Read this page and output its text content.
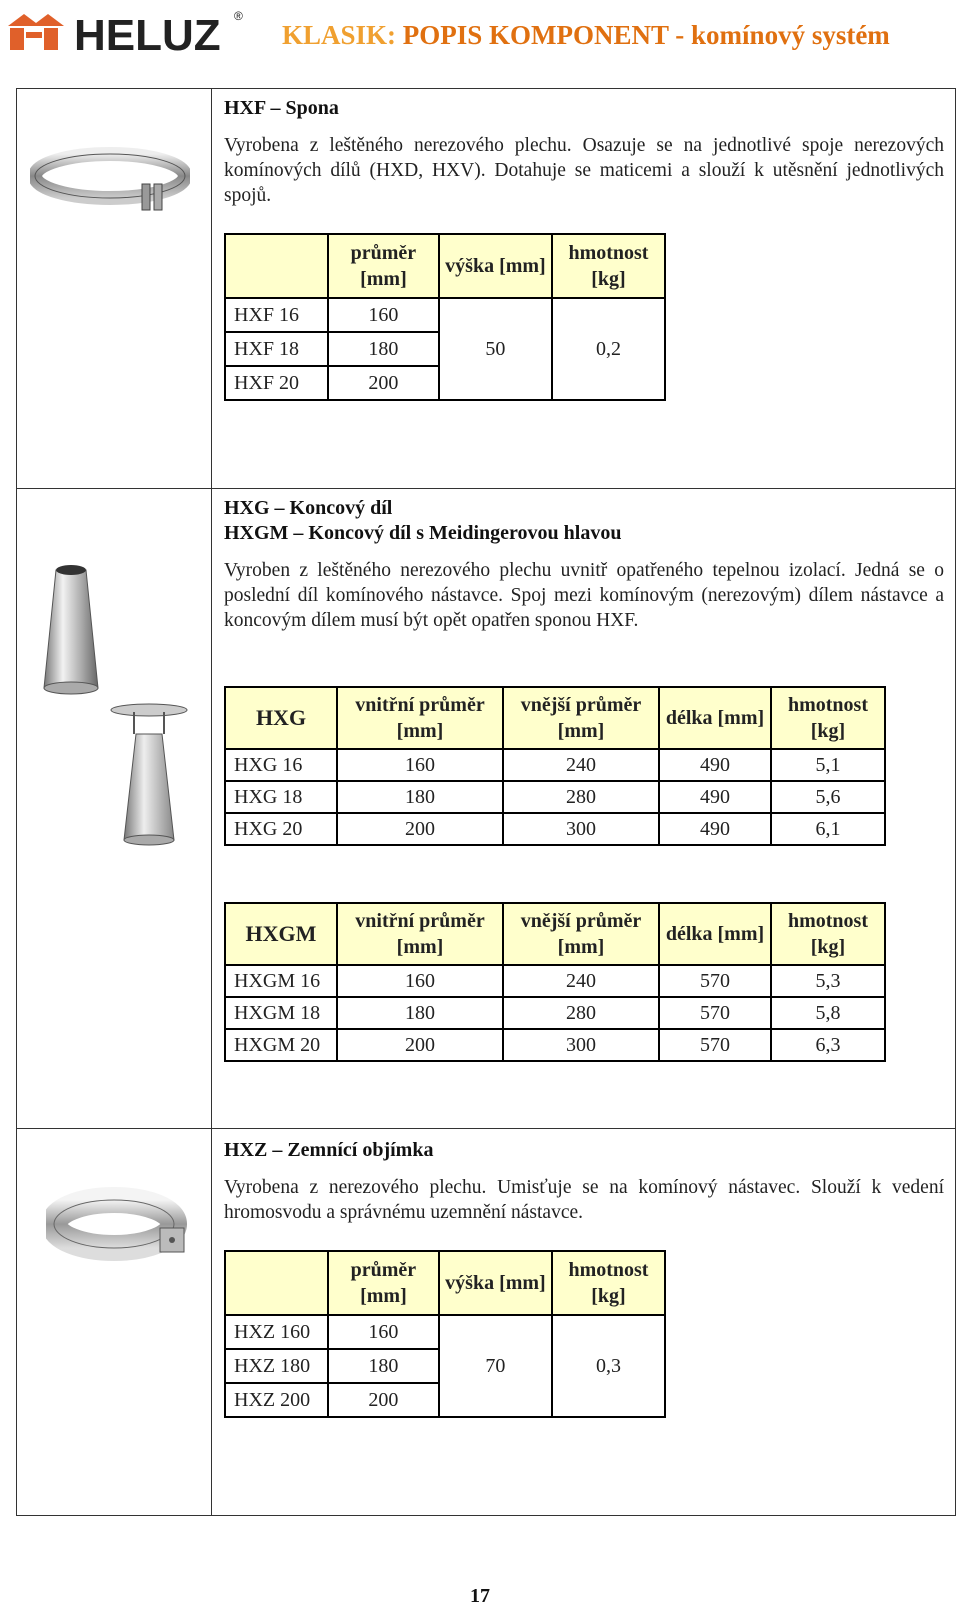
HELUZ ®
KLASIK: POPIS KOMPONENT - komínový systém

HXF – Spona

Vyrobena z leštěného nerezového plechu. Osazuje se na jednotlivé spoje nerezových komínových dílů (HXD, HXV). Dotahuje se maticemi a slouží k utěsnění jednotlivých spojů.

	průměr [mm]	výška [mm]	hmotnost [kg]
HXF 16	160	50	0,2
HXF 18	180		
HXF 20	200		

HXG – Koncový díl

HXGM – Koncový díl s Meidingerovou hlavou

Vyroben z leštěného nerezového plechu uvnitř opatřeného tepelnou izolací. Jedná se o poslední díl komínového nástavce. Spoj mezi komínovým (nerezovým) dílem nástavce a koncovým dílem musí být opět opatřen sponou HXF.

HXG	vnitřní průměr [mm]	vnější průměr [mm]	délka [mm]	hmotnost [kg]
HXG 16	160	240	490	5,1
HXG 18	180	280	490	5,6
HXG 20	200	300	490	6,1
HXGM	vnitřní průměr [mm]	vnější průměr [mm]	délka [mm]	hmotnost [kg]
HXGM 16	160	240	570	5,3
HXGM 18	180	280	570	5,8
HXGM 20	200	300	570	6,3

HXZ – Zemnící objímka

Vyrobena z nerezového plechu. Umisťuje se na komínový nástavec. Slouží k vedení hromosvodu a správnému uzemnění nástavce.

	průměr [mm]	výška [mm]	hmotnost [kg]
HXZ 160	160	70	0,3
HXZ 180	180		
HXZ 200	200		
17
